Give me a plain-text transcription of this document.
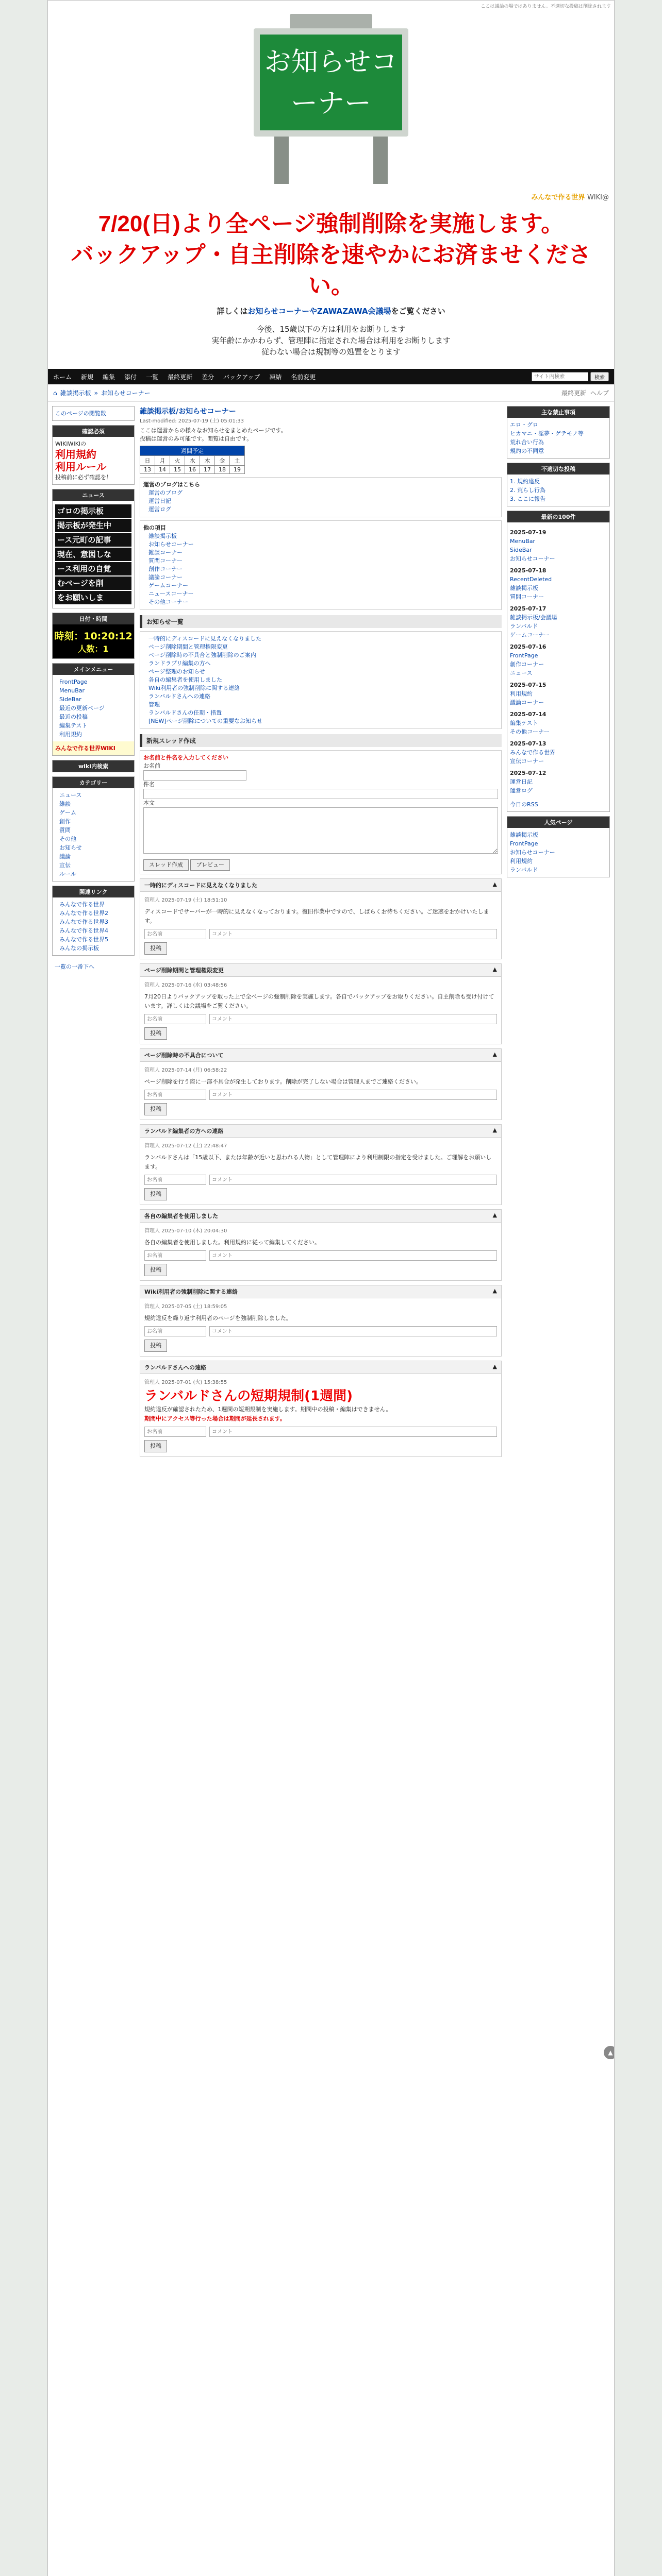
ここは議論の場ではありません。不適切な投稿は削除されます
お知らせコーナー
みんなで作る世界 WIKI@
7/20(日)より全ページ強制削除を実施します。
バックアップ・自主削除を速やかにお済ませください。
詳しくはお知らせコーナーやZAWAZAWA会議場をご覧ください
今後、15歳以下の方は利用をお断りします
実年齢にかかわらず、管理陣に指定された場合は利用をお断りします
従わない場合は規制等の処置をとります
ホーム 新規 編集 添付 一覧 最終更新 差分 バックアップ 凍結 名前変更
サイト内検索	検索
⌂ 雑談掲示板 » お知らせコーナー	最終更新 ヘルプ
このページの閲覧数
確認必須
WIKIWIKIの
利用規約
利用ルール
投稿前に必ず確認を！
ニュース
ゴロの掲示板
掲示板が発生中
ース元町の記事
現在、意図しな
ース利用の自覚
むページを削
をお願いしま
日付・時間
時刻：10:20:12
人数：1
メインメニュー
FrontPage
MenuBar
SideBar
最近の更新ページ
最近の投稿
編集テスト
利用規約
みんなで作る世界WIKI
wiki内検索
カテゴリー
ニュース
雑談
ゲーム
創作
質問
その他
お知らせ
議論
宣伝
ルール
関連リンク
みんなで作る世界
みんなで作る世界2
みんなで作る世界3
みんなで作る世界4
みんなで作る世界5
みんなの掲示板
一覧の一番下へ
雑談掲示板/お知らせコーナー
Last-modified: 2025-07-19 (土) 05:01:33
ここは運営からの様々なお知らせをまとめたページです。
投稿は運営のみ可能です。閲覧は自由です。
週間予定						
日	月	火	水	木	金	土
13	14	15	16	17	18	19
運営のブログはこちら
運営のブログ
運営日記
運営ログ
他の項目
雑談掲示板
お知らせコーナー
雑談コーナー
質問コーナー
創作コーナー
議論コーナー
ゲームコーナー
ニュースコーナー
その他コーナー
お知らせ一覧
一時的にディスコードに見えなくなりました
ページ削除期間と管理権限変更
ページ削除時の不具合と強制削除のご案内
ランドラプリ編集の方へ
ページ整理のお知らせ
各自の編集者を使用しました
Wiki利用者の強制削除に関する連絡
ランバルドさんへの連絡
管理
ランバルドさんの任期・措置
[NEW]ページ削除についての重要なお知らせ
新規スレッド作成
お名前と件名を入力してください
お名前
件名
本文
スレッド作成 プレビュー
一時的にディスコードに見えなくなりました	▲
管理人 2025-07-19 (土) 18:51:10
ディスコードでサーバーが一時的に見えなくなっております。復旧作業中ですので、しばらくお待ちください。ご迷惑をおかけいたします。
お名前
コメント
投稿
ページ削除期間と管理権限変更	▲
管理人 2025-07-16 (水) 03:48:56
7月20日よりバックアップを取った上で全ページの強制削除を実施します。各自でバックアップをお取りください。自主削除も受け付けています。詳しくは会議場をご覧ください。
お名前
コメント
投稿
ページ削除時の不具合について	▲
管理人 2025-07-14 (月) 06:58:22
ページ削除を行う際に一部不具合が発生しております。削除が完了しない場合は管理人までご連絡ください。
お名前
コメント
投稿
ランバルド編集者の方への連絡	▲
管理人 2025-07-12 (土) 22:48:47
ランバルドさんは「15歳以下、または年齢が近いと思われる人物」として管理陣により利用制限の指定を受けました。ご理解をお願いします。
お名前
コメント
投稿
各自の編集者を使用しました	▲
管理人 2025-07-10 (木) 20:04:30
各自の編集者を使用しました。利用規約に従って編集してください。
お名前
コメント
投稿
Wiki利用者の強制削除に関する連絡	▲
管理人 2025-07-05 (土) 18:59:05
規約違反を繰り返す利用者のページを強制削除しました。
お名前
コメント
投稿
ランバルドさんへの連絡	▲
管理人 2025-07-01 (火) 15:38:55
ランバルドさんの短期規制(1週間)
規約違反が確認されたため、1週間の短期規制を実施します。期間中の投稿・編集はできません。
期間中にアクセス等行った場合は期間が延長されます。
お名前
コメント
投稿
主な禁止事項
エロ・グロ
ヒカマニ・淫夢・ゲテモノ等
荒れ合い行為
規約の不同意
不適切な投稿
1. 規約違反
2. 荒らし行為
3. ここに報告
最新の100件
2025-07-19
MenuBar
SideBar
お知らせコーナー
2025-07-18
RecentDeleted
雑談掲示板
質問コーナー
2025-07-17
雑談掲示板/会議場
ランバルド
ゲームコーナー
2025-07-16
FrontPage
創作コーナー
ニュース
2025-07-15
利用規約
議論コーナー
2025-07-14
編集テスト
その他コーナー
2025-07-13
みんなで作る世界
宣伝コーナー
2025-07-12
運営日記
運営ログ
今日のRSS
人気ページ
雑談掲示板
FrontPage
お知らせコーナー
利用規約
ランバルド
▲
